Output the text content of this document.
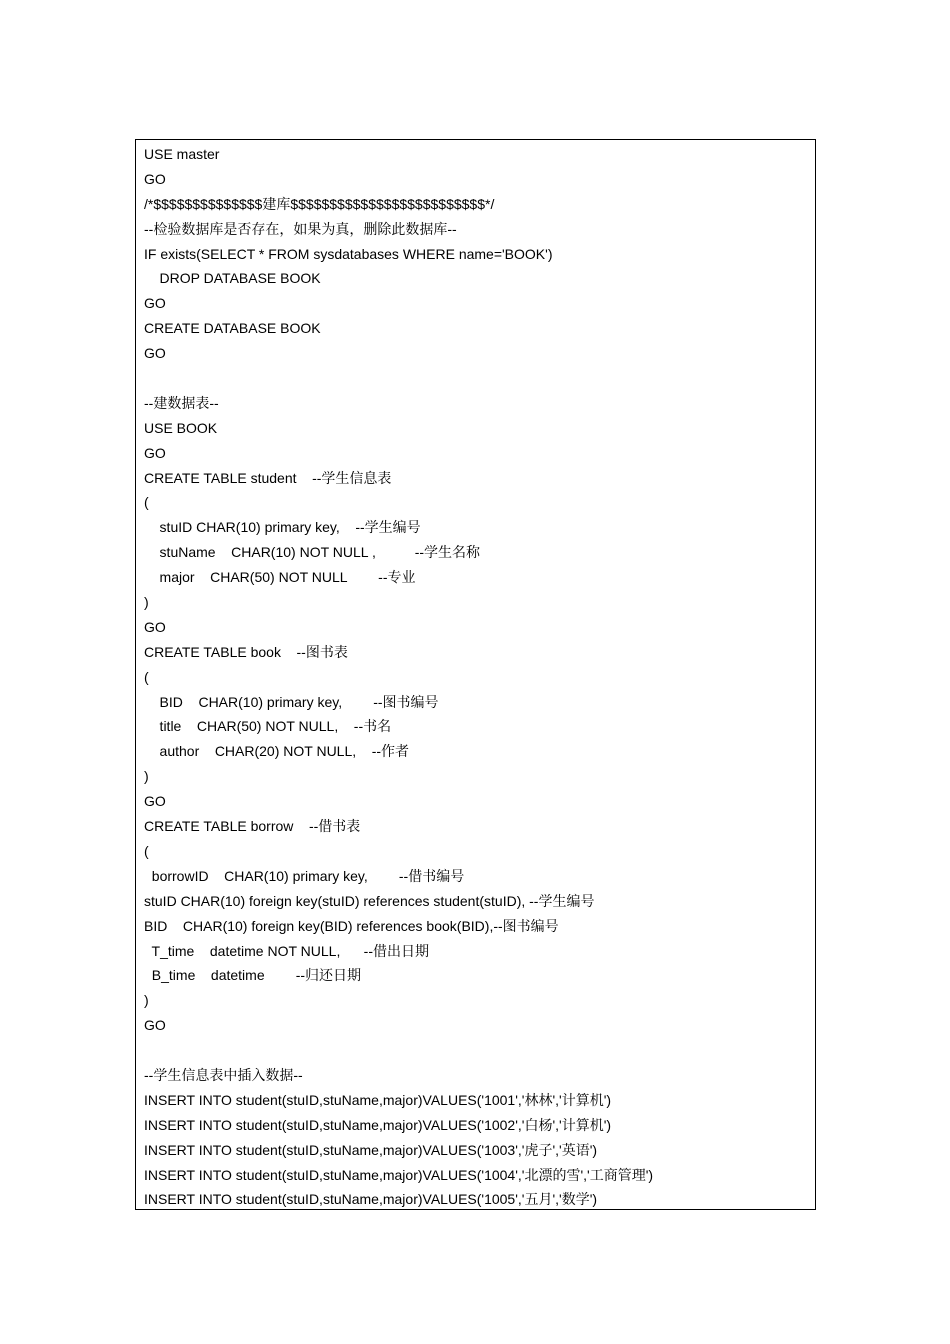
USE master
GO
/*$$$$$$$$$$$$$$建库$$$$$$$$$$$$$$$$$$$$$$$$$*/
--检验数据库是否存在，如果为真，删除此数据库--
IF exists(SELECT * FROM sysdatabases WHERE name='BOOK')
DROP DATABASE BOOK
GO
CREATE DATABASE BOOK
GO
--建数据表--
USE BOOK
GO
CREATE TABLE student    --学生信息表
(
stuID CHAR(10) primary key,    --学生编号
stuName    CHAR(10) NOT NULL ,          --学生名称
major    CHAR(50) NOT NULL        --专业
)
GO
CREATE TABLE book    --图书表
(
BID    CHAR(10) primary key,        --图书编号
title    CHAR(50) NOT NULL,    --书名
author    CHAR(20) NOT NULL,    --作者
)
GO
CREATE TABLE borrow    --借书表
(
borrowID    CHAR(10) primary key,        --借书编号
stuID CHAR(10) foreign key(stuID) references student(stuID), --学生编号
BID    CHAR(10) foreign key(BID) references book(BID),--图书编号
T_time    datetime NOT NULL,      --借出日期
B_time    datetime        --归还日期
)
GO
--学生信息表中插入数据--
INSERT INTO student(stuID,stuName,major)VALUES('1001','林林','计算机')
INSERT INTO student(stuID,stuName,major)VALUES('1002','白杨','计算机')
INSERT INTO student(stuID,stuName,major)VALUES('1003','虎子','英语')
INSERT INTO student(stuID,stuName,major)VALUES('1004','北漂的雪','工商管理')
INSERT INTO student(stuID,stuName,major)VALUES('1005','五月','数学')
